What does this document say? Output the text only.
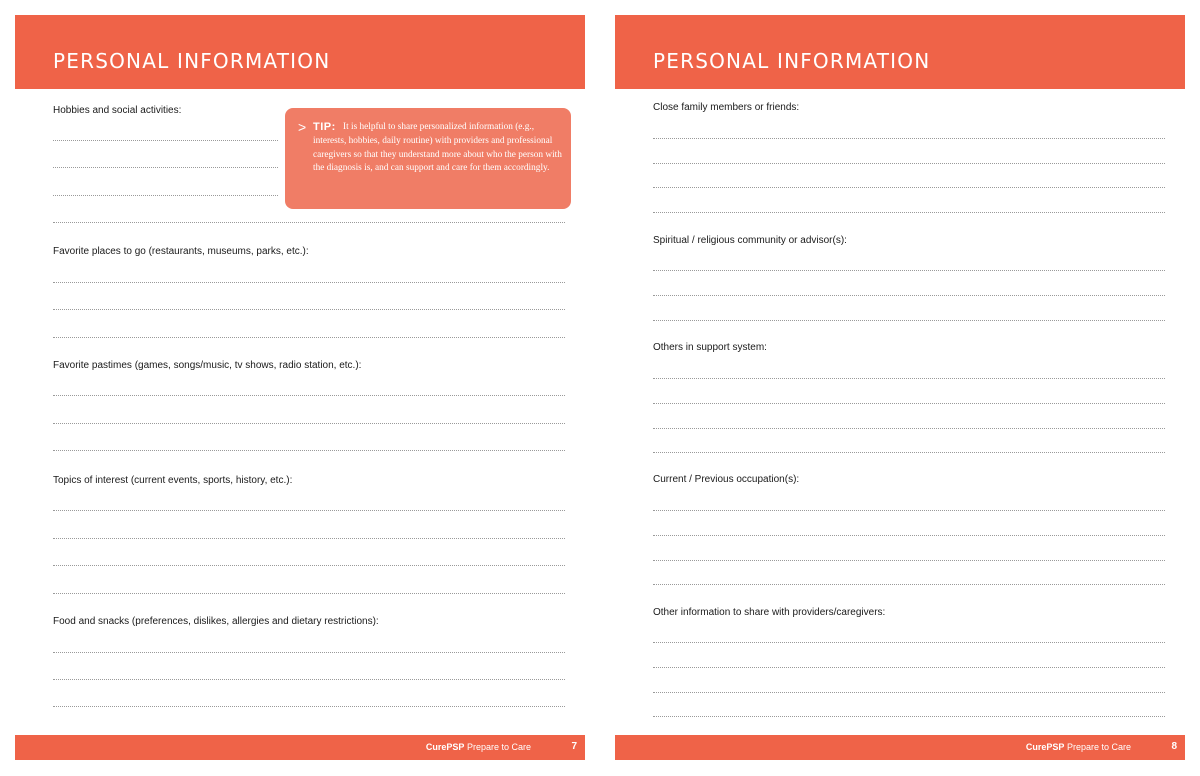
PERSONAL INFORMATION
Hobbies and social activities:
Favorite places to go (restaurants, museums, parks, etc.):
Favorite pastimes (games, songs/music, tv shows, radio station, etc.):
Topics of interest (current events, sports, history, etc.):
Food and snacks (preferences, dislikes, allergies and dietary restrictions):
> TIP: It is helpful to share personalized information (e.g., interests, hobbies, daily routine) with providers and professional caregivers so that they understand more about who the person with the diagnosis is, and can support and care for them accordingly.
CurePSP Prepare to Care	7
PERSONAL INFORMATION
Close family members or friends:
Spiritual / religious community or advisor(s):
Others in support system:
Current / Previous occupation(s):
Other information to share with providers/caregivers:
CurePSP Prepare to Care	8
